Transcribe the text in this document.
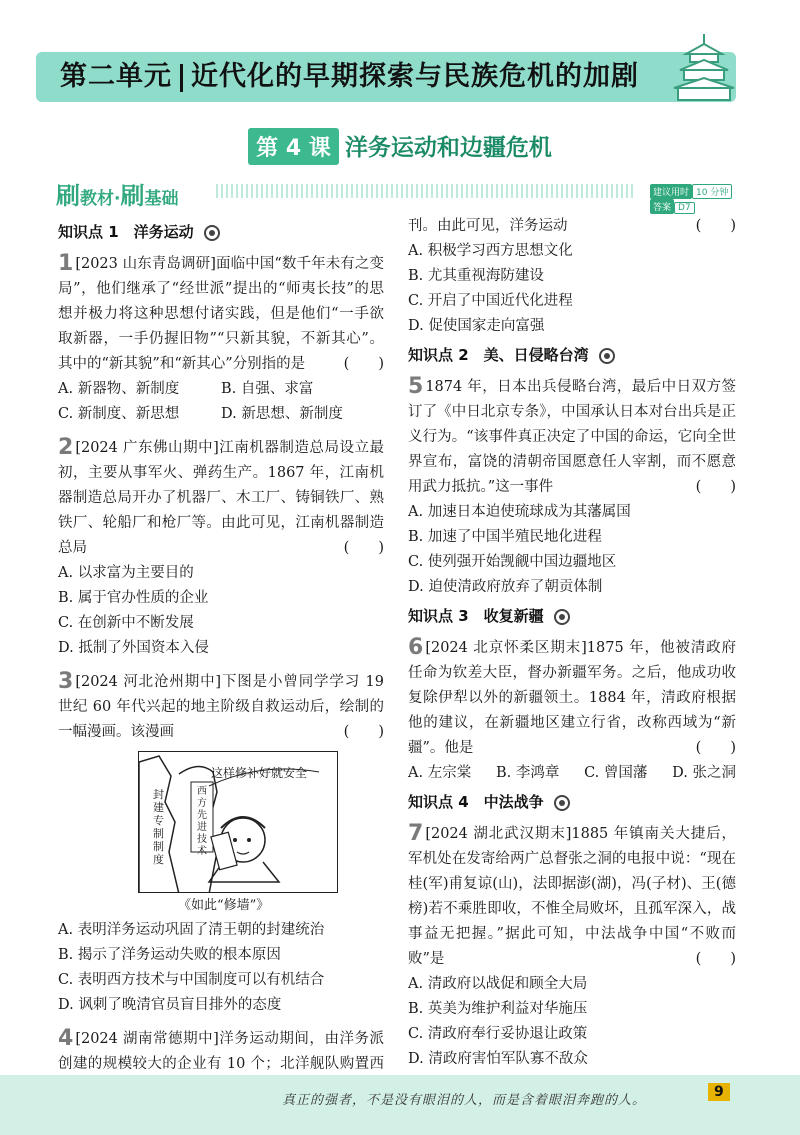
第二单元 近代化的早期探索与民族危机的加剧
第 4 课 洋务运动和边疆危机
刷教材·刷基础	建议用时 10 分钟 答案 D7
知识点 1　洋务运动
1 [2023 山东青岛调研]面临中国“数千年未有之变局”，他们继承了“经世派”提出的“师夷长技”的思想并极力将这种思想付诸实践，但是他们“一手欲取新器，一手仍握旧物”“只新其貌，不新其心”。其中的“新其貌”和“新其心”分别指的是	(　　)
A. 新器物、新制度	B. 自强、求富
C. 新制度、新思想	D. 新思想、新制度
2 [2024 广东佛山期中]江南机器制造总局设立最初，主要从事军火、弹药生产。1867 年，江南机器制造总局开办了机器厂、木工厂、铸铜铁厂、熟铁厂、轮船厂和枪厂等。由此可见，江南机器制造总局	(　　)
A. 以求富为主要目的
B. 属于官办性质的企业
C. 在创新中不断发展
D. 抵制了外国资本入侵
3 [2024 河北沧州期中]下图是小曾同学学习 19 世纪 60 年代兴起的地主阶级自救运动后，绘制的一幅漫画。该漫画	(　　)
这样修补好就安全
封建专制制度
西方先进技术
《如此“修墙”》
A. 表明洋务运动巩固了清王朝的封建统治
B. 揭示了洋务运动失败的根本原因
C. 表明西方技术与中国制度可以有机结合
D. 讽刺了晚清官员盲目排外的态度
4 [2024 湖南常德期中]洋务运动期间，由洋务派创建的规模较大的企业有 10 个；北洋舰队购置西
刊。由此可见，洋务运动	(　　)
A. 积极学习西方思想文化
B. 尤其重视海防建设
C. 开启了中国近代化进程
D. 促使国家走向富强
知识点 2　美、日侵略台湾
5 1874 年，日本出兵侵略台湾，最后中日双方签订了《中日北京专条》，中国承认日本对台出兵是正义行为。“该事件真正决定了中国的命运，它向全世界宣布，富饶的清朝帝国愿意任人宰割，而不愿意用武力抵抗。”这一事件	(　　)
A. 加速日本迫使琉球成为其藩属国
B. 加速了中国半殖民地化进程
C. 使列强开始觊觎中国边疆地区
D. 迫使清政府放弃了朝贡体制
知识点 3　收复新疆
6 [2024 北京怀柔区期末]1875 年，他被清政府任命为钦差大臣，督办新疆军务。之后，他成功收复除伊犁以外的新疆领土。1884 年，清政府根据他的建议，在新疆地区建立行省，改称西域为“新疆”。他是	(　　)
A. 左宗棠 B. 李鸿章 C. 曾国藩 D. 张之洞
知识点 4　中法战争
7 [2024 湖北武汉期末]1885 年镇南关大捷后，军机处在发寄给两广总督张之洞的电报中说：“现在桂(军)甫复谅(山)，法即据澎(湖)，冯(子材)、王(德榜)若不乘胜即收，不惟全局败坏，且孤军深入，战事益无把握。”据此可知，中法战争中国“不败而败”是	(　　)
A. 清政府以战促和顾全大局
B. 英美为维护利益对华施压
C. 清政府奉行妥协退让政策
D. 清政府害怕军队寡不敌众
真正的强者，不是没有眼泪的人，而是含着眼泪奔跑的人。
9
